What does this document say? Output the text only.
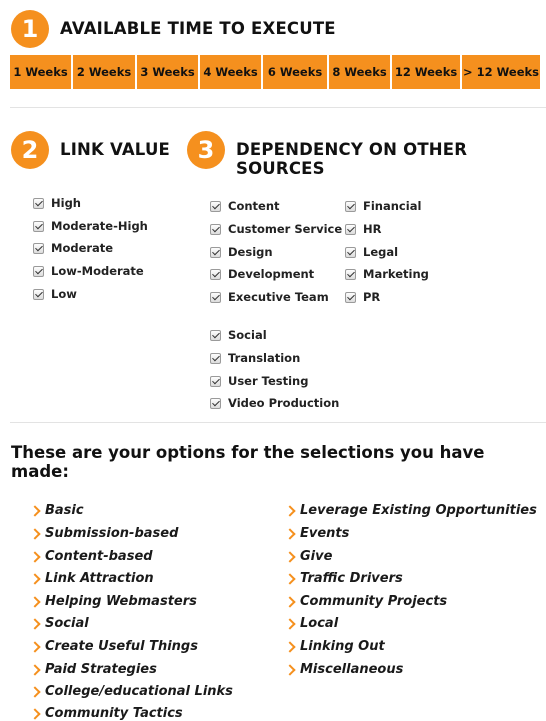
1	AVAILABLE TIME TO EXECUTE
1 Weeks 2 Weeks 3 Weeks 4 Weeks 6 Weeks 8 Weeks 12 Weeks > 12 Weeks
2	LINK VALUE
High
Moderate-High
Moderate
Low-Moderate
Low
3	DEPENDENCY ON OTHER SOURCES
Content
Customer Service
Design
Development
Executive Team
Financial
HR
Legal
Marketing
PR
Social
Translation
User Testing
Video Production
These are your options for the selections you have made:
Basic
Submission-based
Content-based
Link Attraction
Helping Webmasters
Social
Create Useful Things
Paid Strategies
College/educational Links
Community Tactics
Leverage Existing Opportunities
Events
Give
Traffic Drivers
Community Projects
Local
Linking Out
Miscellaneous
